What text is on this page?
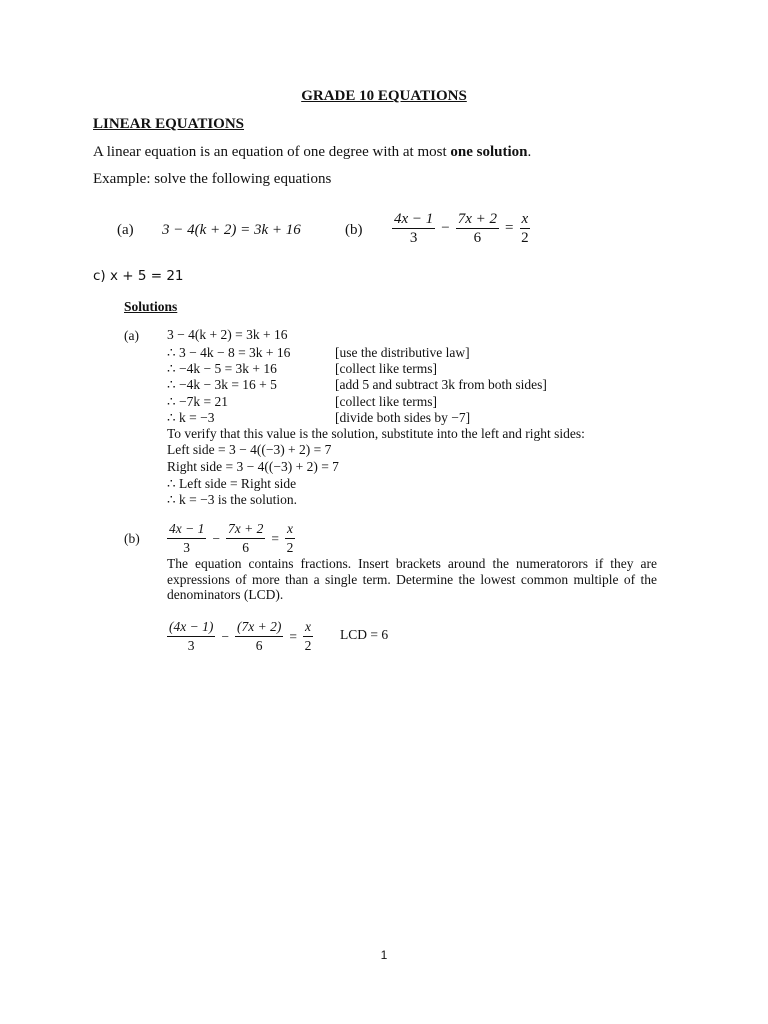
GRADE 10 EQUATIONS
LINEAR EQUATIONS
A linear equation is an equation of one degree with at most one solution.
Example: solve the following equations
(a) 3 − 4(k + 2) = 3k + 16	$(b) \frac{4x - 1}{3} - \frac{7x + 2}{6} = \frac{x}{2}$
c) x + 5 = 21
Solutions
(a) 3 − 4(k + 2) = 3k + 16
∴ 3 − 4k − 8 = 3k + 16	[use the distributive law]
∴ −4k − 5 = 3k + 16	[collect like terms]
∴ −4k − 3k = 16 + 5	[add 5 and subtract 3k from both sides]
∴ −7k = 21	[collect like terms]
∴ k = −3	[divide both sides by −7]
To verify that this value is the solution, substitute into the left and right sides:
Left side = 3 − 4((−3) + 2) = 7
Right side = 3 − 4((−3) + 2) = 7
∴ Left side = Right side
∴ k = −3 is the solution.
$(b) \frac{4x - 1}{3} - \frac{7x + 2}{6} = \frac{x}{2}$
The equation contains fractions. Insert brackets around the numeratorors if they are expressions of more than a single term. Determine the lowest common multiple of the denominators (LCD).
$\frac{(4x - 1)}{3} - \frac{(7x + 2)}{6} = \frac{x}{2}$ LCD = 6
1
